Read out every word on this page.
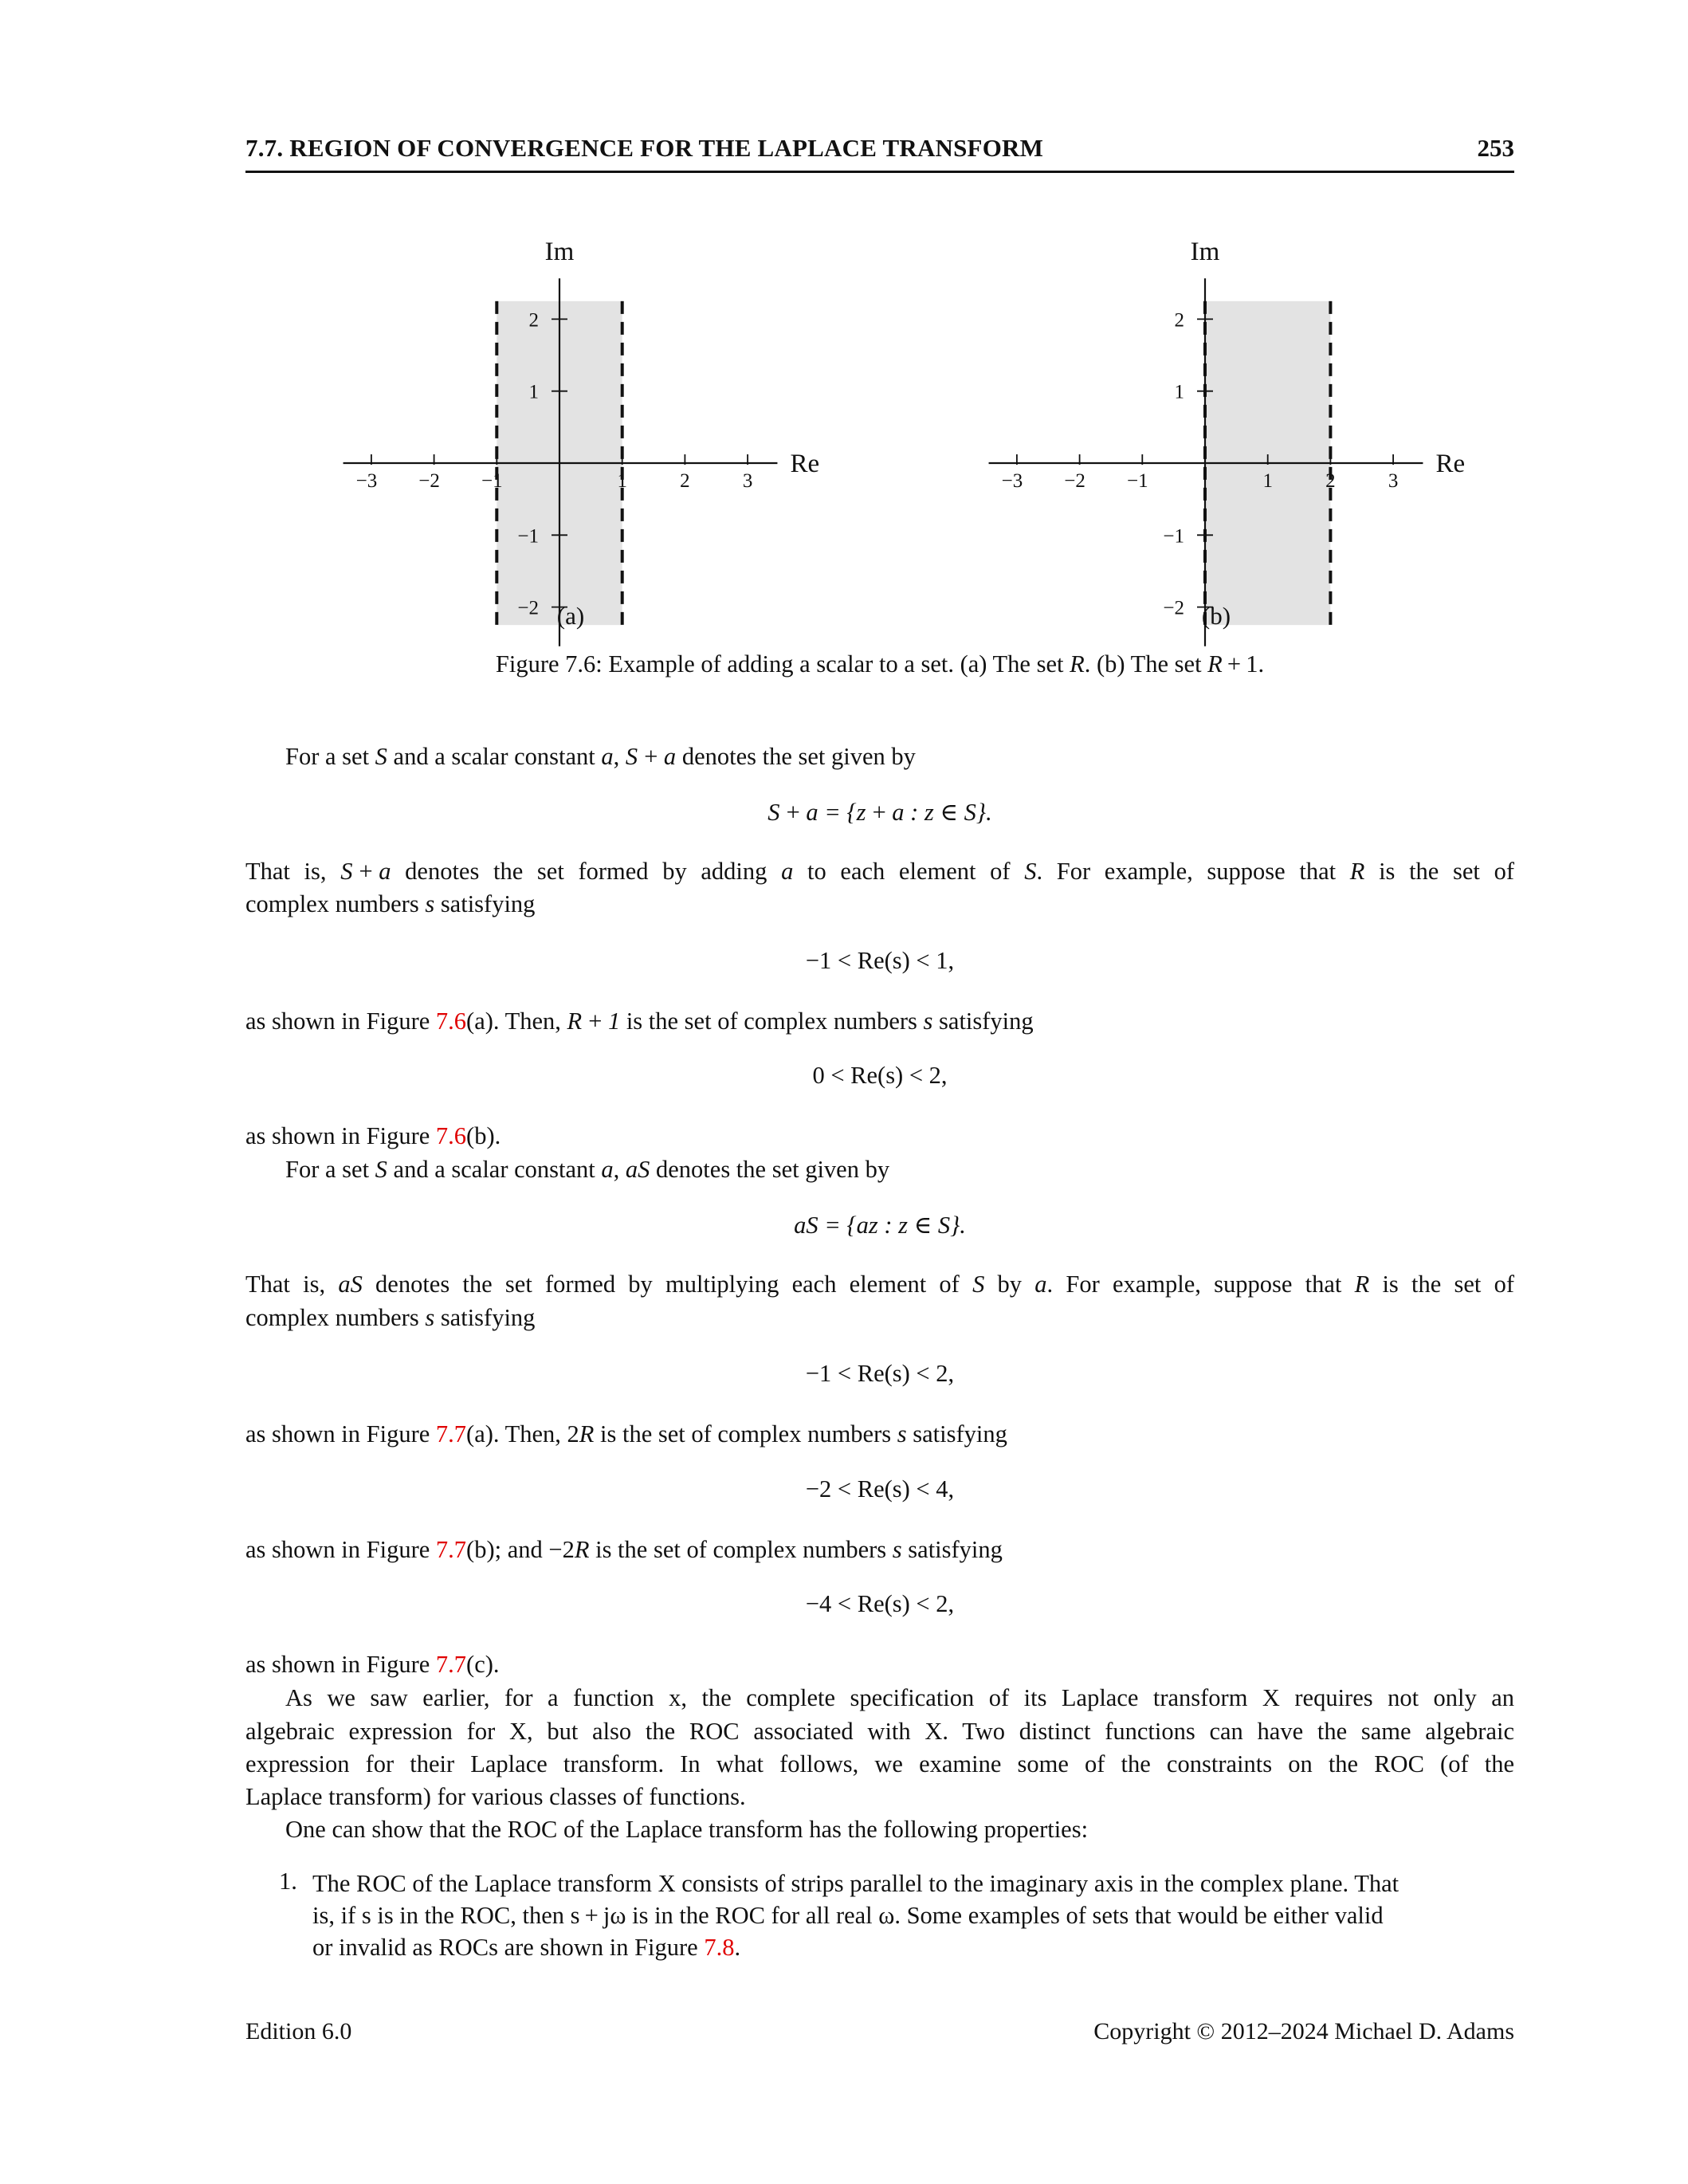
7.7. REGION OF CONVERGENCE FOR THE LAPLACE TRANSFORM	253
−3 −2 −1	1	2	3
2
1
−1
−2
Re
Im
(a)
−3 −2 −1	1	2	3
2
1
−1
−2
Re
Im
(b)
Figure 7.6: Example of adding a scalar to a set. (a) The set R. (b) The set R + 1.
For a set S and a scalar constant a, S + a denotes the set given by
S + a = {z + a : z ∈ S}.
That is, S + a denotes the set formed by adding a to each element of S. For example, suppose that R is the set of
complex numbers s satisfying
−1 < Re(s) < 1,
as shown in Figure 7.6(a). Then, R + 1 is the set of complex numbers s satisfying
0 < Re(s) < 2,
as shown in Figure 7.6(b).
For a set S and a scalar constant a, aS denotes the set given by
aS = {az : z ∈ S}.
That is, aS denotes the set formed by multiplying each element of S by a. For example, suppose that R is the set of
complex numbers s satisfying
−1 < Re(s) < 2,
as shown in Figure 7.7(a). Then, 2R is the set of complex numbers s satisfying
−2 < Re(s) < 4,
as shown in Figure 7.7(b); and −2R is the set of complex numbers s satisfying
−4 < Re(s) < 2,
as shown in Figure 7.7(c).
As we saw earlier, for a function x, the complete specification of its Laplace transform X requires not only an
algebraic expression for X, but also the ROC associated with X. Two distinct functions can have the same algebraic
expression for their Laplace transform. In what follows, we examine some of the constraints on the ROC (of the
Laplace transform) for various classes of functions.
One can show that the ROC of the Laplace transform has the following properties:
1. The ROC of the Laplace transform X consists of strips parallel to the imaginary axis in the complex plane. That
is, if s is in the ROC, then s + jω is in the ROC for all real ω. Some examples of sets that would be either valid
or invalid as ROCs are shown in Figure 7.8.
Edition 6.0	Copyright © 2012–2024 Michael D. Adams
